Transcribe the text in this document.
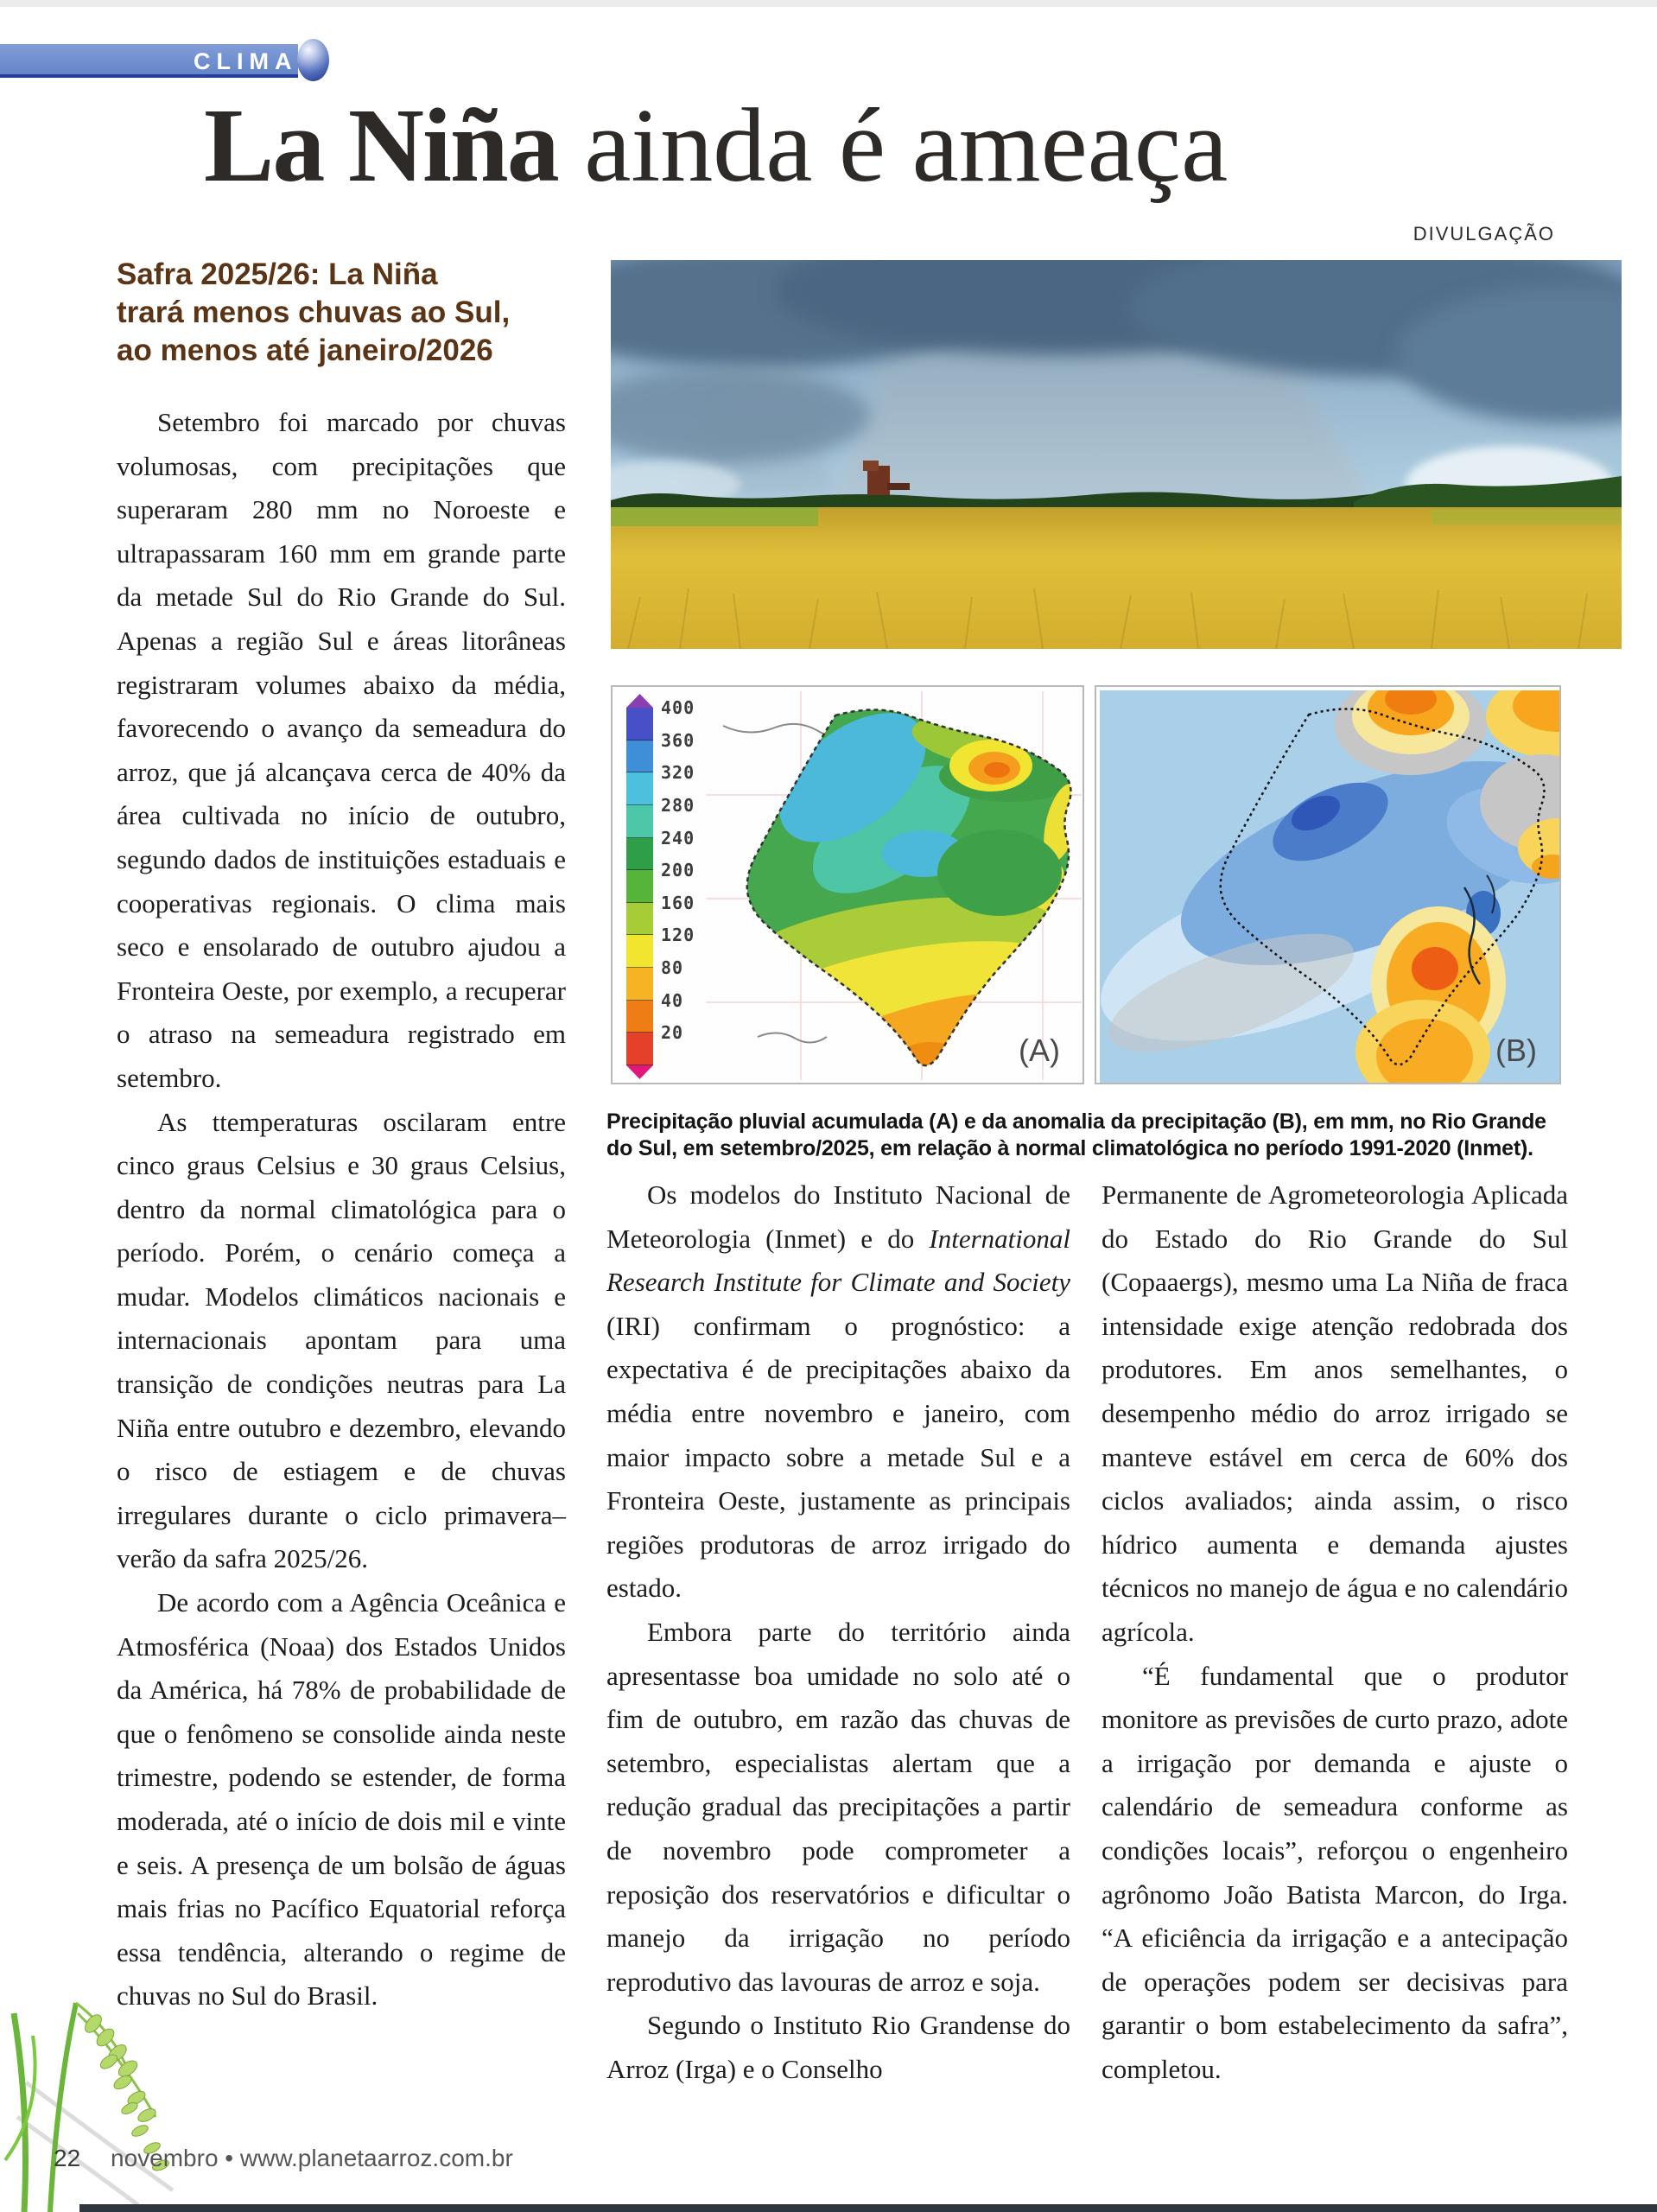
CLIMA
La Niña ainda é ameaça
DIVULGAÇÃO
400
360
320
280
240
200
160
120
80
40
20	(A)	(B)
Precipitação pluvial acumulada (A) e da anomalia da precipitação (B), em mm, no Rio Grande do Sul, em setembro/2025, em relação à normal climatológica no período 1991-2020 (Inmet).
Safra 2025/26: La Niña
trará menos chuvas ao Sul,
ao menos até janeiro/2026

Setembro foi marcado por chuvas volumosas, com precipitações que superaram 280 mm no Noroeste e ultrapassaram 160 mm em grande parte da metade Sul do Rio Grande do Sul. Apenas a região Sul e áreas litorâneas registraram volumes abaixo da média, favorecendo o avanço da semeadura do arroz, que já alcançava cerca de 40% da área cultivada no início de outubro, segundo dados de instituições estaduais e cooperativas regionais. O clima mais seco e ensolarado de outubro ajudou a Fronteira Oeste, por exemplo, a recuperar o atraso na semeadura registrado em setembro.

As ttemperaturas oscilaram entre cinco graus Celsius e 30 graus Celsius, dentro da normal climatológica para o período. Porém, o cenário começa a mudar. Modelos climáticos nacionais e internacionais apontam para uma transição de condições neutras para La Niña entre outubro e dezembro, elevando o risco de estiagem e de chuvas irregulares durante o ciclo primavera–verão da safra 2025/26.

De acordo com a Agência Oceânica e Atmosférica (Noaa) dos Estados Unidos da América, há 78% de probabilidade de que o fenômeno se consolide ainda neste trimestre, podendo se estender, de forma moderada, até o início de dois mil e vinte e seis. A presença de um bolsão de águas mais frias no Pacífico Equatorial reforça essa tendência, alterando o regime de chuvas no Sul do Brasil.

Os modelos do Instituto Nacional de Meteorologia (Inmet) e do International Research Institute for Climate and Society (IRI) confirmam o prognóstico: a expectativa é de precipitações abaixo da média entre novembro e janeiro, com maior impacto sobre a metade Sul e a Fronteira Oeste, justamente as principais regiões produtoras de arroz irrigado do estado.

Embora parte do território ainda apresentasse boa umidade no solo até o fim de outubro, em razão das chuvas de setembro, especialistas alertam que a redução gradual das precipitações a partir de novembro pode comprometer a reposição dos reservatórios e dificultar o manejo da irrigação no período reprodutivo das lavouras de arroz e soja.

Segundo o Instituto Rio Grandense do Arroz (Irga) e o Conselho

Permanente de Agrometeorologia Aplicada do Estado do Rio Grande do Sul (Copaaergs), mesmo uma La Niña de fraca intensidade exige atenção redobrada dos produtores. Em anos semelhantes, o desempenho médio do arroz irrigado se manteve estável em cerca de 60% dos ciclos avaliados; ainda assim, o risco hídrico aumenta e demanda ajustes técnicos no manejo de água e no calendário agrícola.

“É fundamental que o produtor monitore as previsões de curto prazo, adote a irrigação por demanda e ajuste o calendário de semeadura conforme as condições locais”, reforçou o engenheiro agrônomo João Batista Marcon, do Irga. “A eficiência da irrigação e a antecipação de operações podem ser decisivas para garantir o bom estabelecimento da safra”, completou.

22 novembro • www.planetaarroz.com.br
